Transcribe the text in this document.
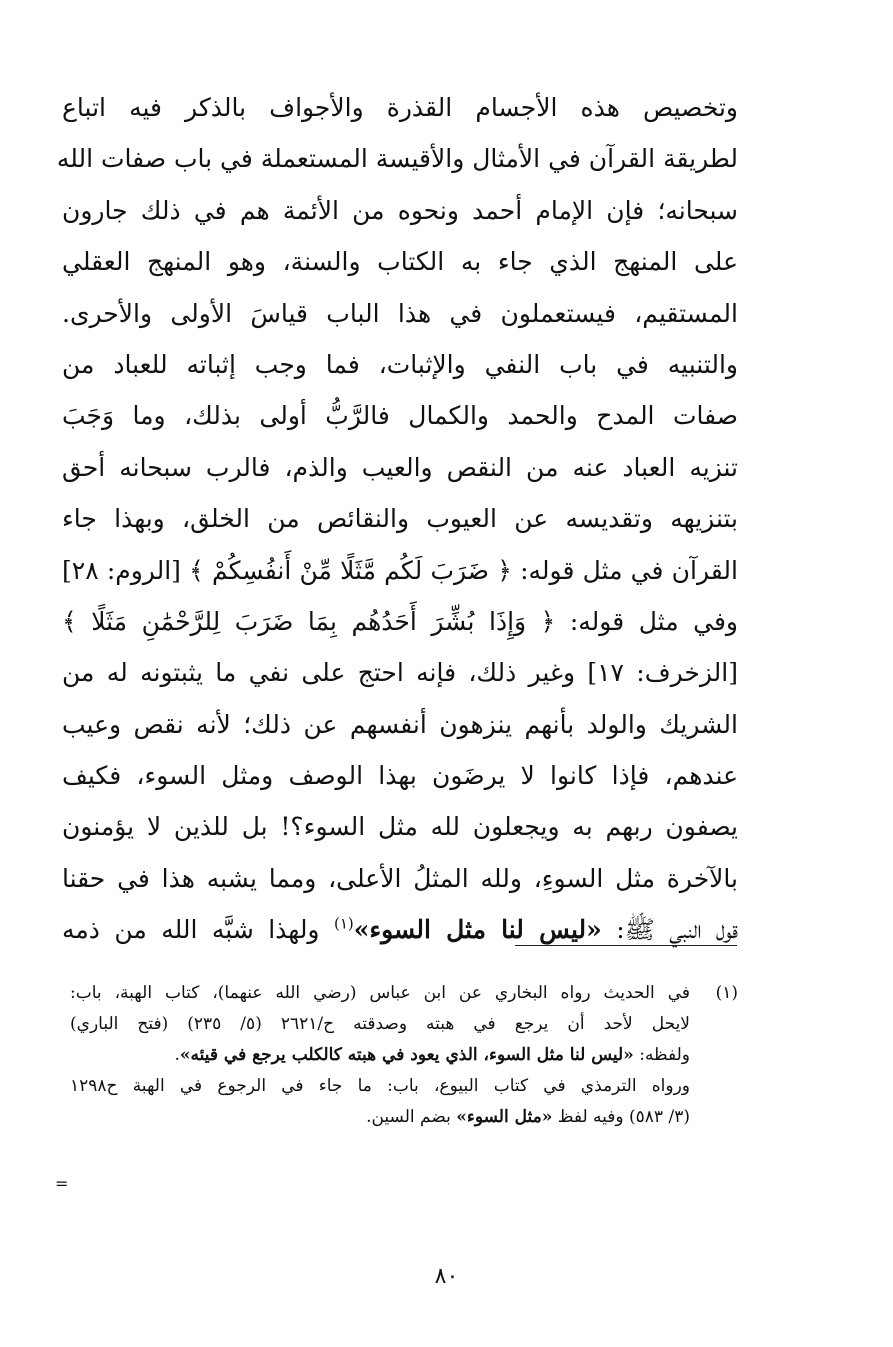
وتخصيص هذه الأجسام القذرة والأجواف بالذكر فيه اتباع
لطريقة القرآن في الأمثال والأقيسة المستعملة في باب صفات الله
سبحانه؛ فإن الإمام أحمد ونحوه من الأئمة هم في ذلك جارون
على المنهج الذي جاء به الكتاب والسنة، وهو المنهج العقلي
المستقيم، فيستعملون في هذا الباب قياسَ الأولى والأحرى.
والتنبيه في باب النفي والإثبات، فما وجب إثباته للعباد من
صفات المدح والحمد والكمال فالرَّبُّ أولى بذلك، وما وَجَبَ
تنزيه العباد عنه من النقص والعيب والذم، فالرب سبحانه أحق
بتنزيهه وتقديسه عن العيوب والنقائص من الخلق، وبهذا جاء
القرآن في مثل قوله: ﴿ ضَرَبَ لَكُم مَّثَلًا مِّنْ أَنفُسِكُمْ ﴾ [الروم: ٢٨]
وفي مثل قوله: ﴿ وَإِذَا بُشِّرَ أَحَدُهُم بِمَا ضَرَبَ لِلرَّحْمَٰنِ مَثَلًا ﴾
[الزخرف: ١٧] وغير ذلك، فإنه احتج على نفي ما يثبتونه له من
الشريك والولد بأنهم ينزهون أنفسهم عن ذلك؛ لأنه نقص وعيب
عندهم، فإذا كانوا لا يرضَون بهذا الوصف ومثل السوء، فكيف
يصفون ربهم به ويجعلون لله مثل السوء؟! بل للذين لا يؤمنون
بالآخرة مثل السوءِ، ولله المثلُ الأعلى، ومما يشبه هذا في حقنا
قول النبي ﷺ: «ليس لنا مثل السوء»$^{(١)}$ ولهذا شبَّه الله من ذمه
(١)
في الحديث رواه البخاري عن ابن عباس (رضي الله عنهما)، كتاب الهبة، باب:
لايحل لأحد أن يرجع في هبته وصدقته ح/٢٦٢١ (٥/ ٢٣٥) (فتح الباري)
ولفظه: «ليس لنا مثل السوء، الذي يعود في هبته كالكلب يرجع في قيئه».
ورواه الترمذي في كتاب البيوع، باب: ما جاء في الرجوع في الهبة ح١٢٩٨
(٣/ ٥٨٣) وفيه لفظ «مثل السوء» بضم السين.
=
٨٠
